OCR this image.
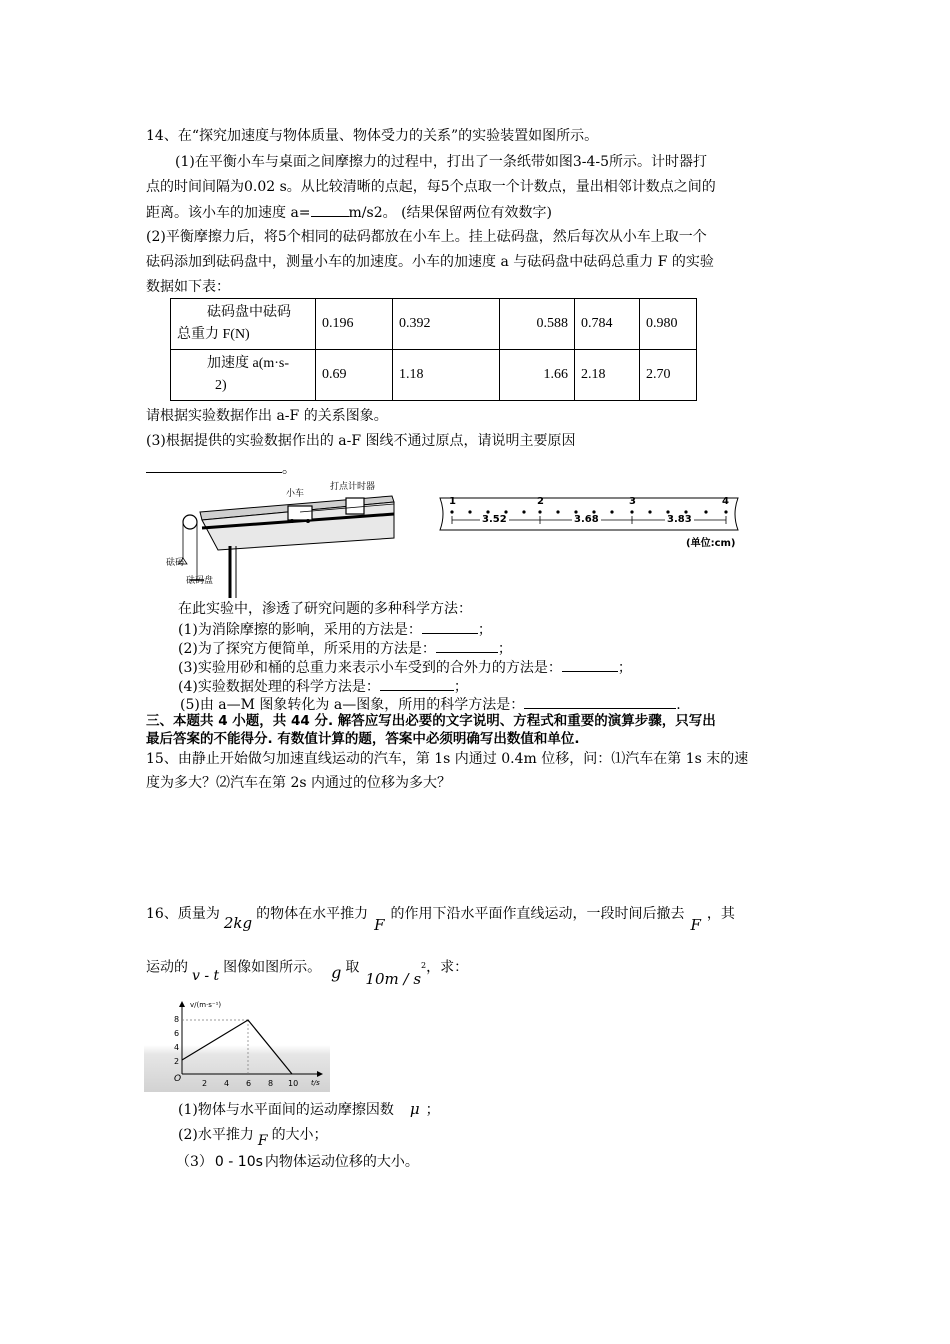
14、在“探究加速度与物体质量、物体受力的关系”的实验装置如图所示。
(1)在平衡小车与桌面之间摩擦力的过程中，打出了一条纸带如图3-4-5所示。计时器打
点的时间间隔为0.02 s。从比较清晰的点起，每5个点取一个计数点，量出相邻计数点之间的
距离。该小车的加速度 a=	m/s2。 (结果保留两位有效数字)
(2)平衡摩擦力后，将5个相同的砝码都放在小车上。挂上砝码盘，然后每次从小车上取一个
砝码添加到砝码盘中，测量小车的加速度。小车的加速度 a 与砝码盘中砝码总重力 F 的实验
数据如下表：
砝码盘中砝码
总重力 F(N)	0.196	0.392	0.588	0.784	0.980

加速度 a(m·s-
2)	0.69	1.18	1.66	2.18	2.70
请根据实验数据作出 a-F 的关系图象。
(3)根据提供的实验数据作出的 a-F 图线不通过原点，请说明主要原因
。
小车
打点计时器
砝码
砝码盘
1	2	3	4
3.52	3.68	3.83
(单位:cm)
在此实验中，渗透了研究问题的多种科学方法：
(1)为消除摩擦的影响，采用的方法是：	；
(2)为了探究方便简单，所采用的方法是：	；
(3)实验用砂和桶的总重力来表示小车受到的合外力的方法是：	；
(4)实验数据处理的科学方法是：	；
(5)由 a—M 图象转化为 a—图象，所用的科学方法是：	.
三、本题共 4 小题，共 44 分. 解答应写出必要的文字说明、方程式和重要的演算步骤，只写出
最后答案的不能得分. 有数值计算的题，答案中必须明确写出数值和单位.
15、由静止开始做匀加速直线运动的汽车，第 1s 内通过 0.4m 位移，问：⑴汽车在第 1s 末的速
度为多大？⑵汽车在第 2s 内通过的位移为多大？
16、质量为 2kg 的物体在水平推力F的作用下沿水平面作直线运动，一段时间后撤去F，其
运动的 v - t 图像如图所示。 g 取$10m / s^2$，求：
v/(m·s⁻¹)
t/s
O
2
4
6
8
2 4 6 8 10
(1)物体与水平面间的运动摩擦因数 μ ；
(2)水平推力 F 的大小；
（3） 0 - 10s 内物体运动位移的大小。
